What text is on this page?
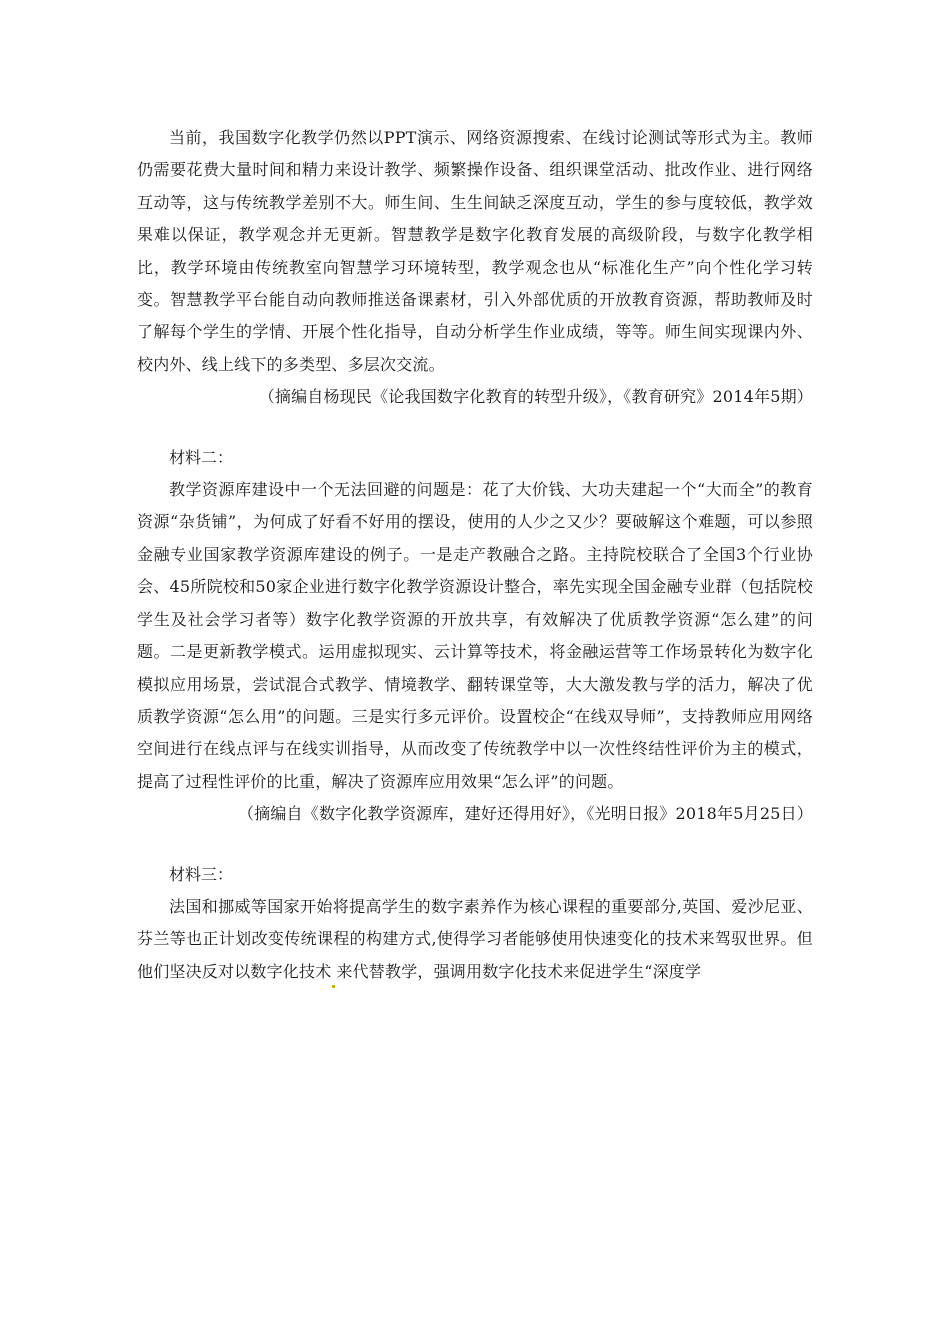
当前，我国数字化教学仍然以PPT演示、网络资源搜索、在线讨论测试等形式为主。教师仍需要花费大量时间和精力来设计教学、频繁操作设备、组织课堂活动、批改作业、进行网络互动等，这与传统教学差别不大。师生间、生生间缺乏深度互动，学生的参与度较低，教学效果难以保证，教学观念并无更新。智慧教学是数字化教育发展的高级阶段，与数字化教学相比，教学环境由传统教室向智慧学习环境转型，教学观念也从“标准化生产”向个性化学习转变。智慧教学平台能自动向教师推送备课素材，引入外部优质的开放教育资源，帮助教师及时了解每个学生的学情、开展个性化指导，自动分析学生作业成绩，等等。师生间实现课内外、校内外、线上线下的多类型、多层次交流。

（摘编自杨现民《论我国数字化教育的转型升级》，《教育研究》2014年5期）

材料二：

教学资源库建设中一个无法回避的问题是：花了大价钱、大功夫建起一个“大而全”的教育资源“杂货铺”，为何成了好看不好用的摆设，使用的人少之又少？要破解这个难题，可以参照金融专业国家教学资源库建设的例子。一是走产教融合之路。主持院校联合了全国3个行业协会、45所院校和50家企业进行数字化教学资源设计整合，率先实现全国金融专业群（包括院校学生及社会学习者等）数字化教学资源的开放共享，有效解决了优质教学资源“怎么建”的问题。二是更新教学模式。运用虚拟现实、云计算等技术，将金融运营等工作场景转化为数字化模拟应用场景，尝试混合式教学、情境教学、翻转课堂等，大大激发教与学的活力，解决了优质教学资源“怎么用”的问题。三是实行多元评价。设置校企“在线双导师”，支持教师应用网络空间进行在线点评与在线实训指导，从而改变了传统教学中以一次性终结性评价为主的模式，提高了过程性评价的比重，解决了资源库应用效果“怎么评”的问题。

（摘编自《数字化教学资源库，建好还得用好》，《光明日报》2018年5月25日）

材料三：

法国和挪威等国家开始将提高学生的数字素养作为核心课程的重要部分,英国、爱沙尼亚、芬兰等也正计划改变传统课程的构建方式,使得学习者能够使用快速变化的技术来驾驭世界。但他们坚决反对以数字化技术 来代替教学，强调用数字化技术来促进学生“深度学
